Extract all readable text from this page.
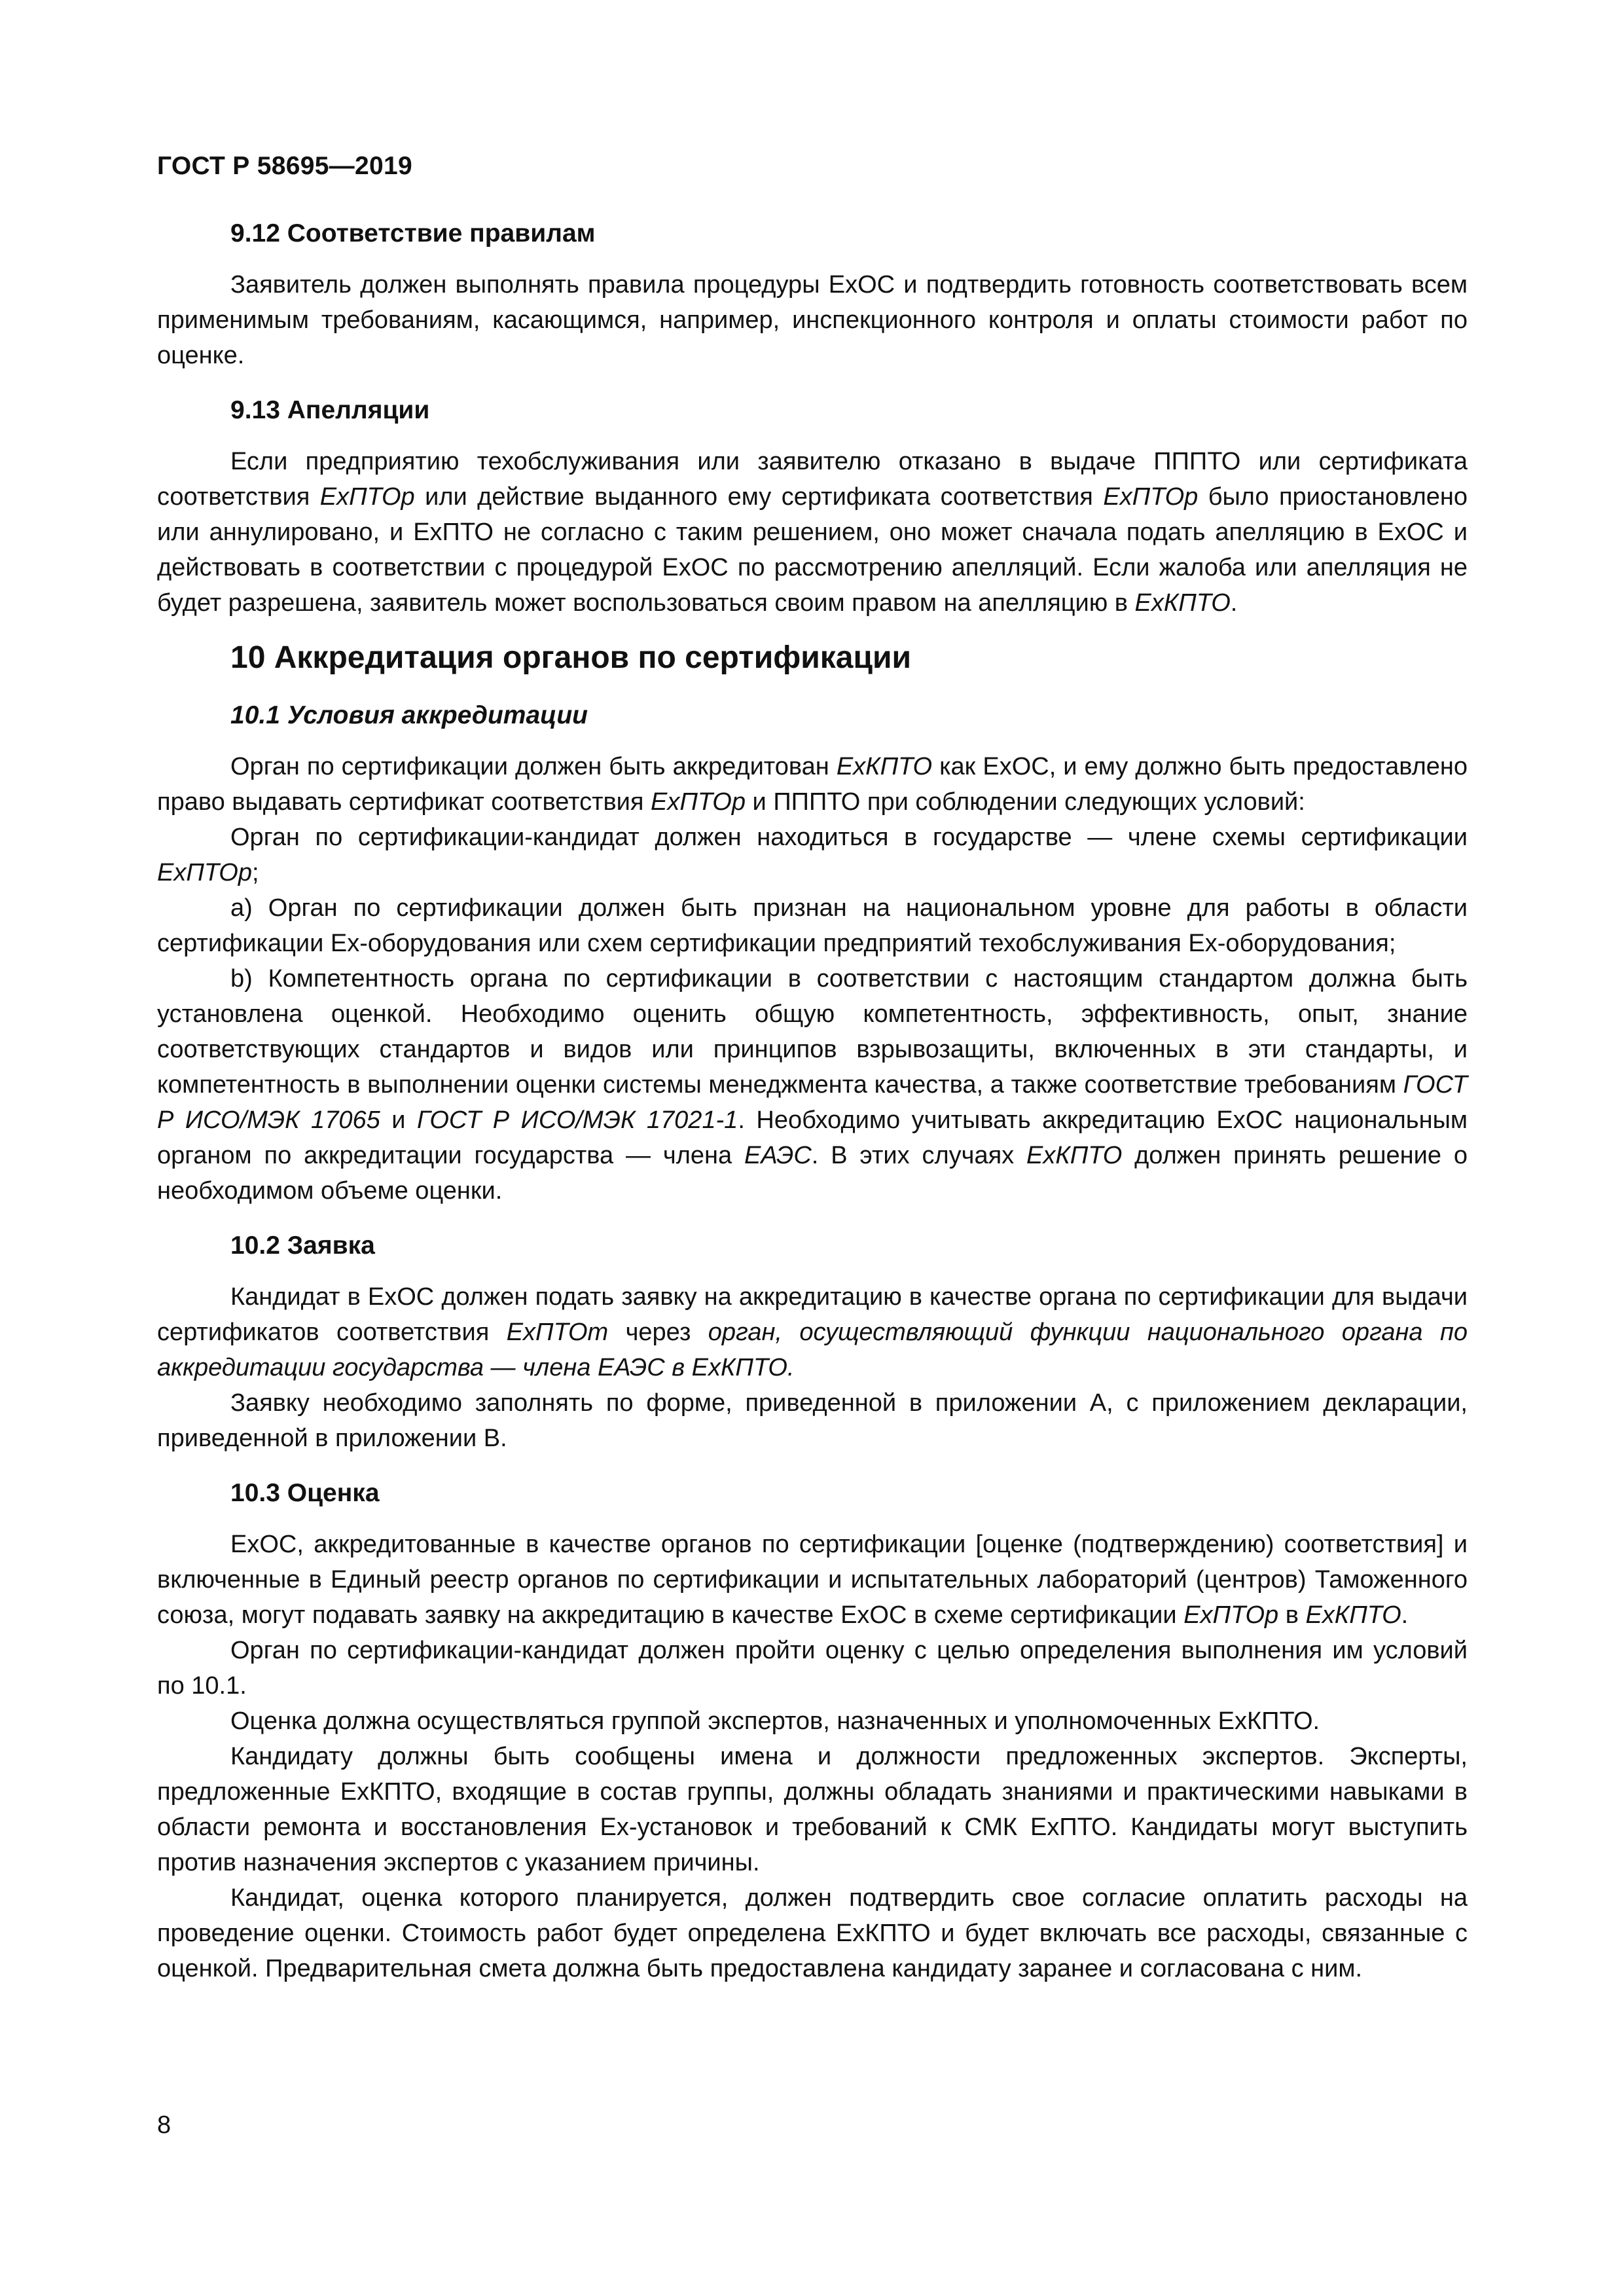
ГОСТ Р 58695—2019
9.12 Соответствие правилам

Заявитель должен выполнять правила процедуры ExOC и подтвердить готовность соответствовать всем применимым требованиям, касающимся, например, инспекционного контроля и оплаты стоимости работ по оценке.

9.13 Апелляции

Если предприятию техобслуживания или заявителю отказано в выдаче ПППТО или сертификата соответствия ExПТОр или действие выданного ему сертификата соответствия ExПТОр было приостановлено или аннулировано, и ExПТО не согласно с таким решением, оно может сначала подать апелляцию в ExOC и действовать в соответствии с процедурой ExOC по рассмотрению апелляций. Если жалоба или апелляция не будет разрешена, заявитель может воспользоваться своим правом на апелляцию в ExКПТО.

10 Аккредитация органов по сертификации
10.1 Условия аккредитации

Орган по сертификации должен быть аккредитован ExКПТО как ExOC, и ему должно быть предоставлено право выдавать сертификат соответствия ExПТОр и ПППТО при соблюдении следующих условий:

Орган по сертификации-кандидат должен находиться в государстве — члене схемы сертификации ExПТОр;

a) Орган по сертификации должен быть признан на национальном уровне для работы в области сертификации Ex-оборудования или схем сертификации предприятий техобслуживания Ex-оборудования;

b) Компетентность органа по сертификации в соответствии с настоящим стандартом должна быть установлена оценкой. Необходимо оценить общую компетентность, эффективность, опыт, знание соответствующих стандартов и видов или принципов взрывозащиты, включенных в эти стандарты, и компетентность в выполнении оценки системы менеджмента качества, а также соответствие требованиям ГОСТ Р ИСО/МЭК 17065 и ГОСТ Р ИСО/МЭК 17021-1. Необходимо учитывать аккредитацию ExOC национальным органом по аккредитации государства — члена ЕАЭС. В этих случаях ExКПТО должен принять решение о необходимом объеме оценки.

10.2 Заявка

Кандидат в ExOC должен подать заявку на аккредитацию в качестве органа по сертификации для выдачи сертификатов соответствия ExПТОт через орган, осуществляющий функции национального органа по аккредитации государства — члена ЕАЭС в ExКПТО.

Заявку необходимо заполнять по форме, приведенной в приложении А, с приложением декларации, приведенной в приложении В.

10.3 Оценка

ExOC, аккредитованные в качестве органов по сертификации [оценке (подтверждению) соответствия] и включенные в Единый реестр органов по сертификации и испытательных лабораторий (центров) Таможенного союза, могут подавать заявку на аккредитацию в качестве ExOC в схеме сертификации ExПТОр в ExКПТО.

Орган по сертификации-кандидат должен пройти оценку с целью определения выполнения им условий по 10.1.

Оценка должна осуществляться группой экспертов, назначенных и уполномоченных ExКПТО.

Кандидату должны быть сообщены имена и должности предложенных экспертов. Эксперты, предложенные ExКПТО, входящие в состав группы, должны обладать знаниями и практическими навыками в области ремонта и восстановления Ex-установок и требований к СМК ExПТО. Кандидаты могут выступить против назначения экспертов с указанием причины.

Кандидат, оценка которого планируется, должен подтвердить свое согласие оплатить расходы на проведение оценки. Стоимость работ будет определена ExКПТО и будет включать все расходы, связанные с оценкой. Предварительная смета должна быть предоставлена кандидату заранее и согласована с ним.

8
